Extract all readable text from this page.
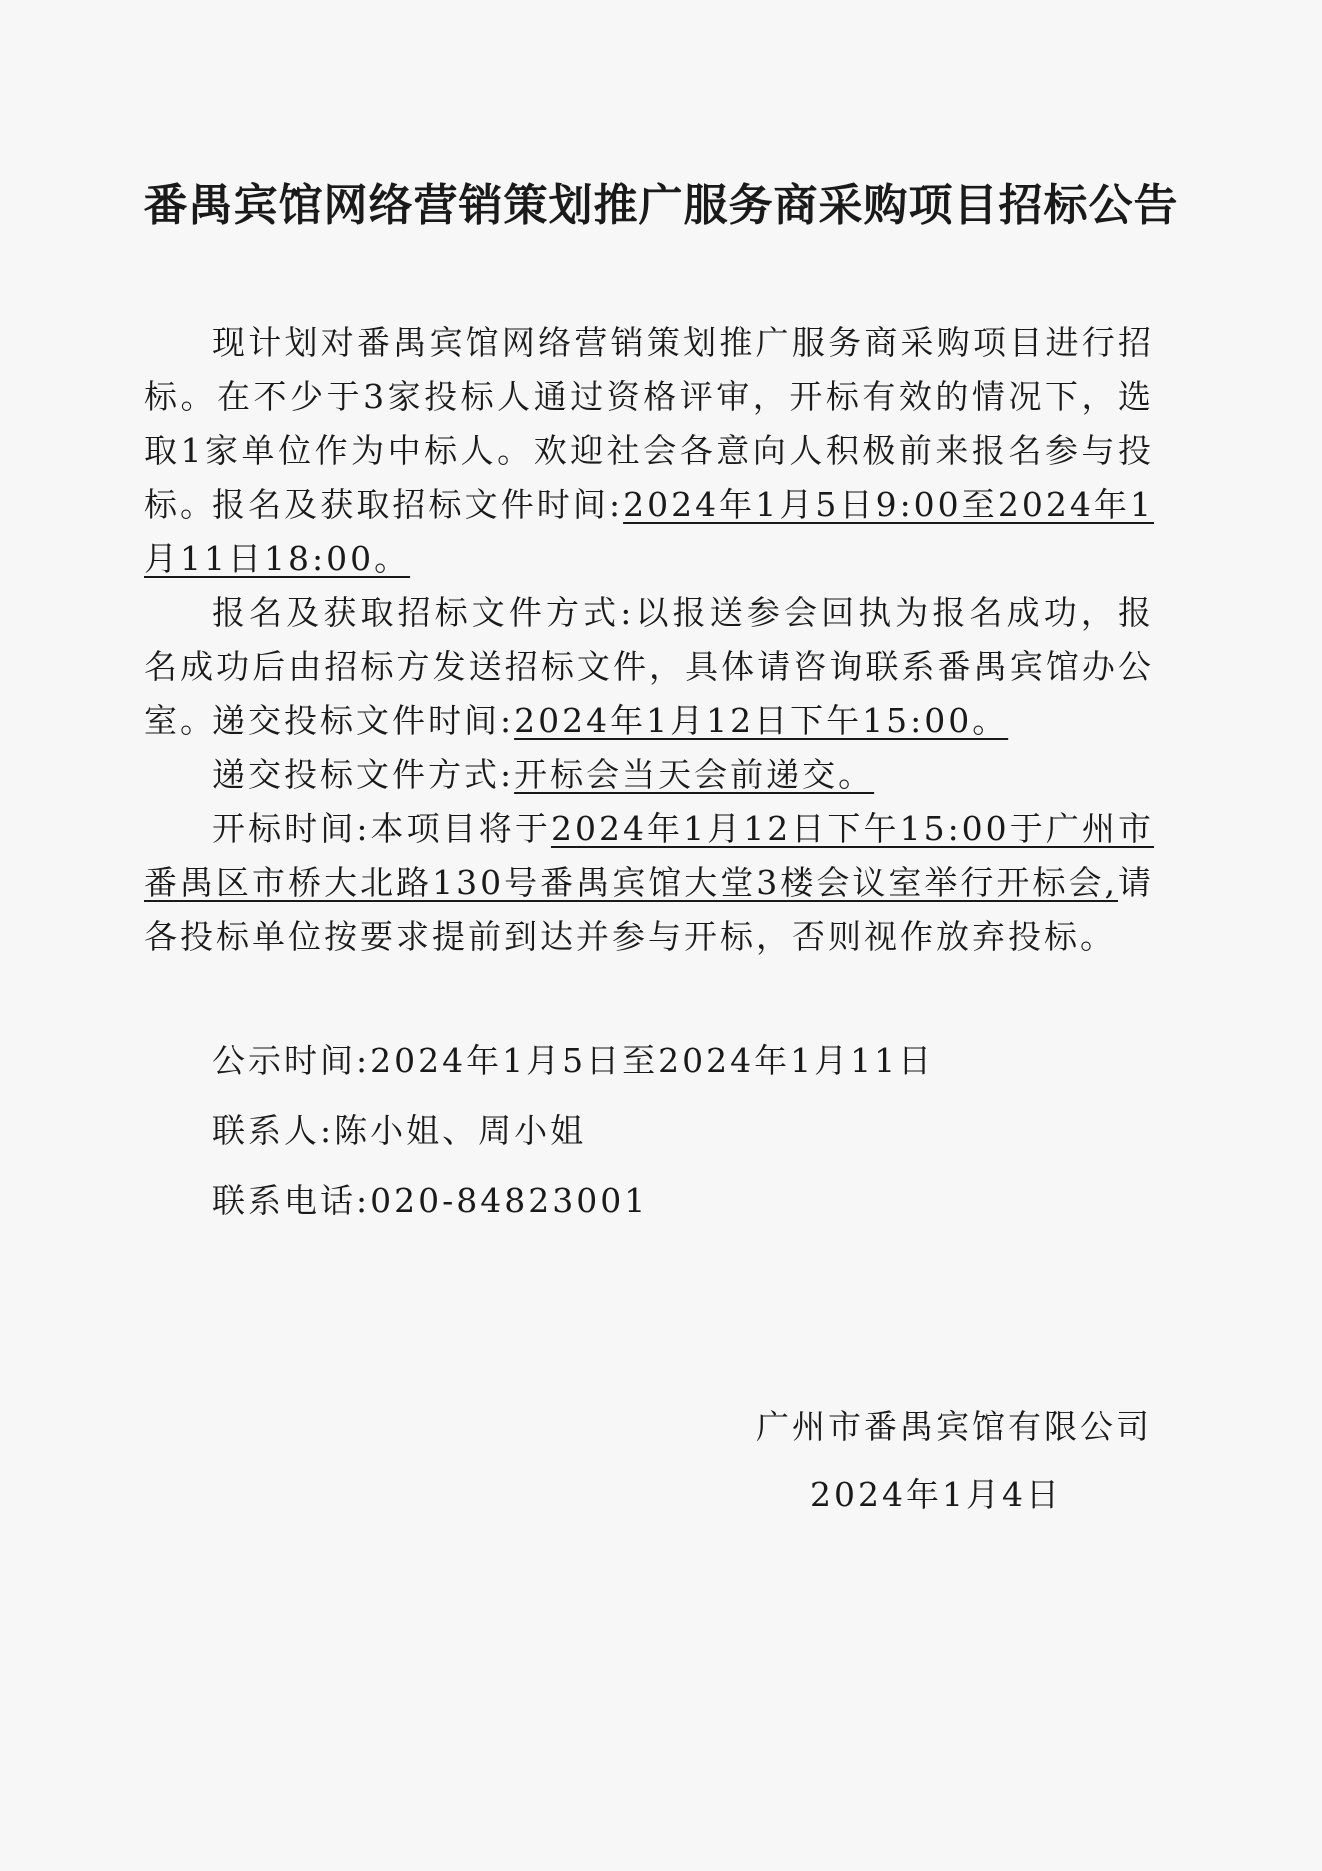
番禺宾馆网络营销策划推广服务商采购项目招标公告
现计划对番禺宾馆网络营销策划推广服务商采购项目进行招标。在不少于3家投标人通过资格评审，开标有效的情况下，选取1家单位作为中标人。欢迎社会各意向人积极前来报名参与投标。
报名及获取招标文件时间:2024年1月5日9:00至2024年1月11日18:00。
报名及获取招标文件方式:以报送参会回执为报名成功，报名成功后由招标方发送招标文件，具体请咨询联系番禺宾馆办公室。
递交投标文件时间:2024年1月12日下午15:00。
递交投标文件方式:开标会当天会前递交。
开标时间:本项目将于2024年1月12日下午15:00于广州市番禺区市桥大北路130号番禺宾馆大堂3楼会议室举行开标会,请各投标单位按要求提前到达并参与开标，否则视作放弃投标。
公示时间:2024年1月5日至2024年1月11日
联系人:陈小姐、周小姐
联系电话:020-84823001
广州市番禺宾馆有限公司
2024年1月4日
